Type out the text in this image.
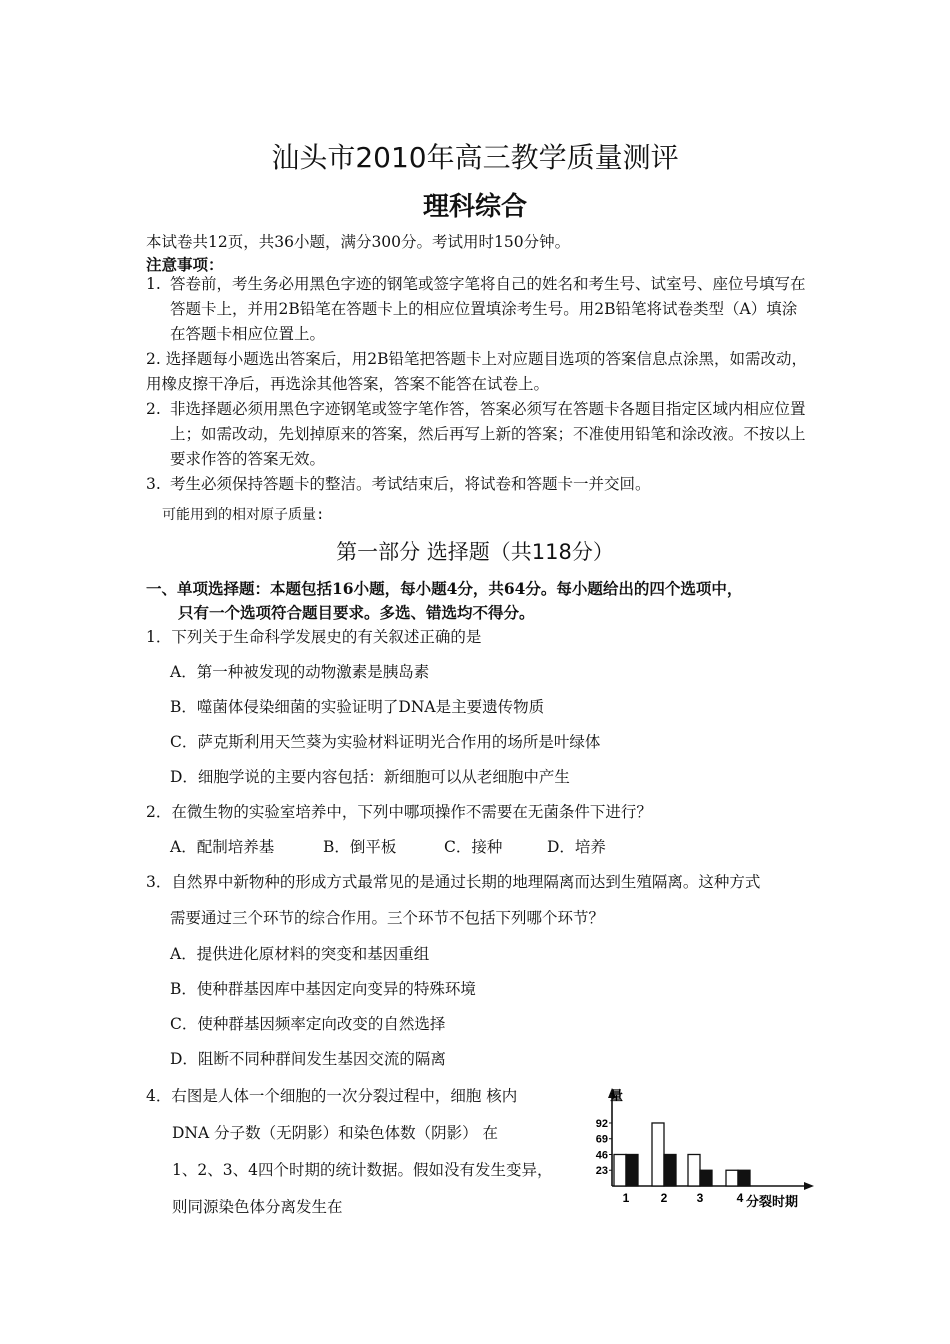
汕头市2010年高三教学质量测评
理科综合
本试卷共12页，共36小题，满分300分。考试用时150分钟。
注意事项：
1. 答卷前，考生务必用黑色字迹的钢笔或签字笔将自己的姓名和考生号、试室号、座位号填写在答题卡上，并用2B铅笔在答题卡上的相应位置填涂考生号。用2B铅笔将试卷类型（A）填涂在答题卡相应位置上。
2. 选择题每小题选出答案后，用2B铅笔把答题卡上对应题目选项的答案信息点涂黑，如需改动，用橡皮擦干净后，再选涂其他答案，答案不能答在试卷上。
2. 非选择题必须用黑色字迹钢笔或签字笔作答，答案必须写在答题卡各题目指定区域内相应位置上；如需改动，先划掉原来的答案，然后再写上新的答案；不准使用铅笔和涂改液。不按以上要求作答的答案无效。
3. 考生必须保持答题卡的整洁。考试结束后，将试卷和答题卡一并交回。
可能用到的相对原子质量:
第一部分 选择题（共118分）
一、单项选择题：本题包括16小题，每小题4分，共64分。每小题给出的四个选项中，
只有一个选项符合题目要求。多选、错选均不得分。
1．下列关于生命科学发展史的有关叙述正确的是
A．第一种被发现的动物激素是胰岛素
B．噬菌体侵染细菌的实验证明了DNA是主要遗传物质
C．萨克斯利用天竺葵为实验材料证明光合作用的场所是叶绿体
D．细胞学说的主要内容包括：新细胞可以从老细胞中产生
2．在微生物的实验室培养中，下列中哪项操作不需要在无菌条件下进行？
A．配制培养基	B．倒平板	C．接种	D．培养
3．自然界中新物种的形成方式最常见的是通过长期的地理隔离而达到生殖隔离。这种方式
需要通过三个环节的综合作用。三个环节不包括下列哪个环节？
A．提供进化原材料的突变和基因重组
B．使种群基因库中基因定向变异的特殊环境
C．使种群基因频率定向改变的自然选择
D．阻断不同种群间发生基因交流的隔离
4．右图是人体一个细胞的一次分裂过程中，细胞 核内
DNA 分子数（无阴影）和染色体数（阴影） 在
1、2、3、4四个时期的统计数据。假如没有发生变异，
则同源染色体分离发生在
量
92
69
46
23
1	2 3	4 分裂时期
